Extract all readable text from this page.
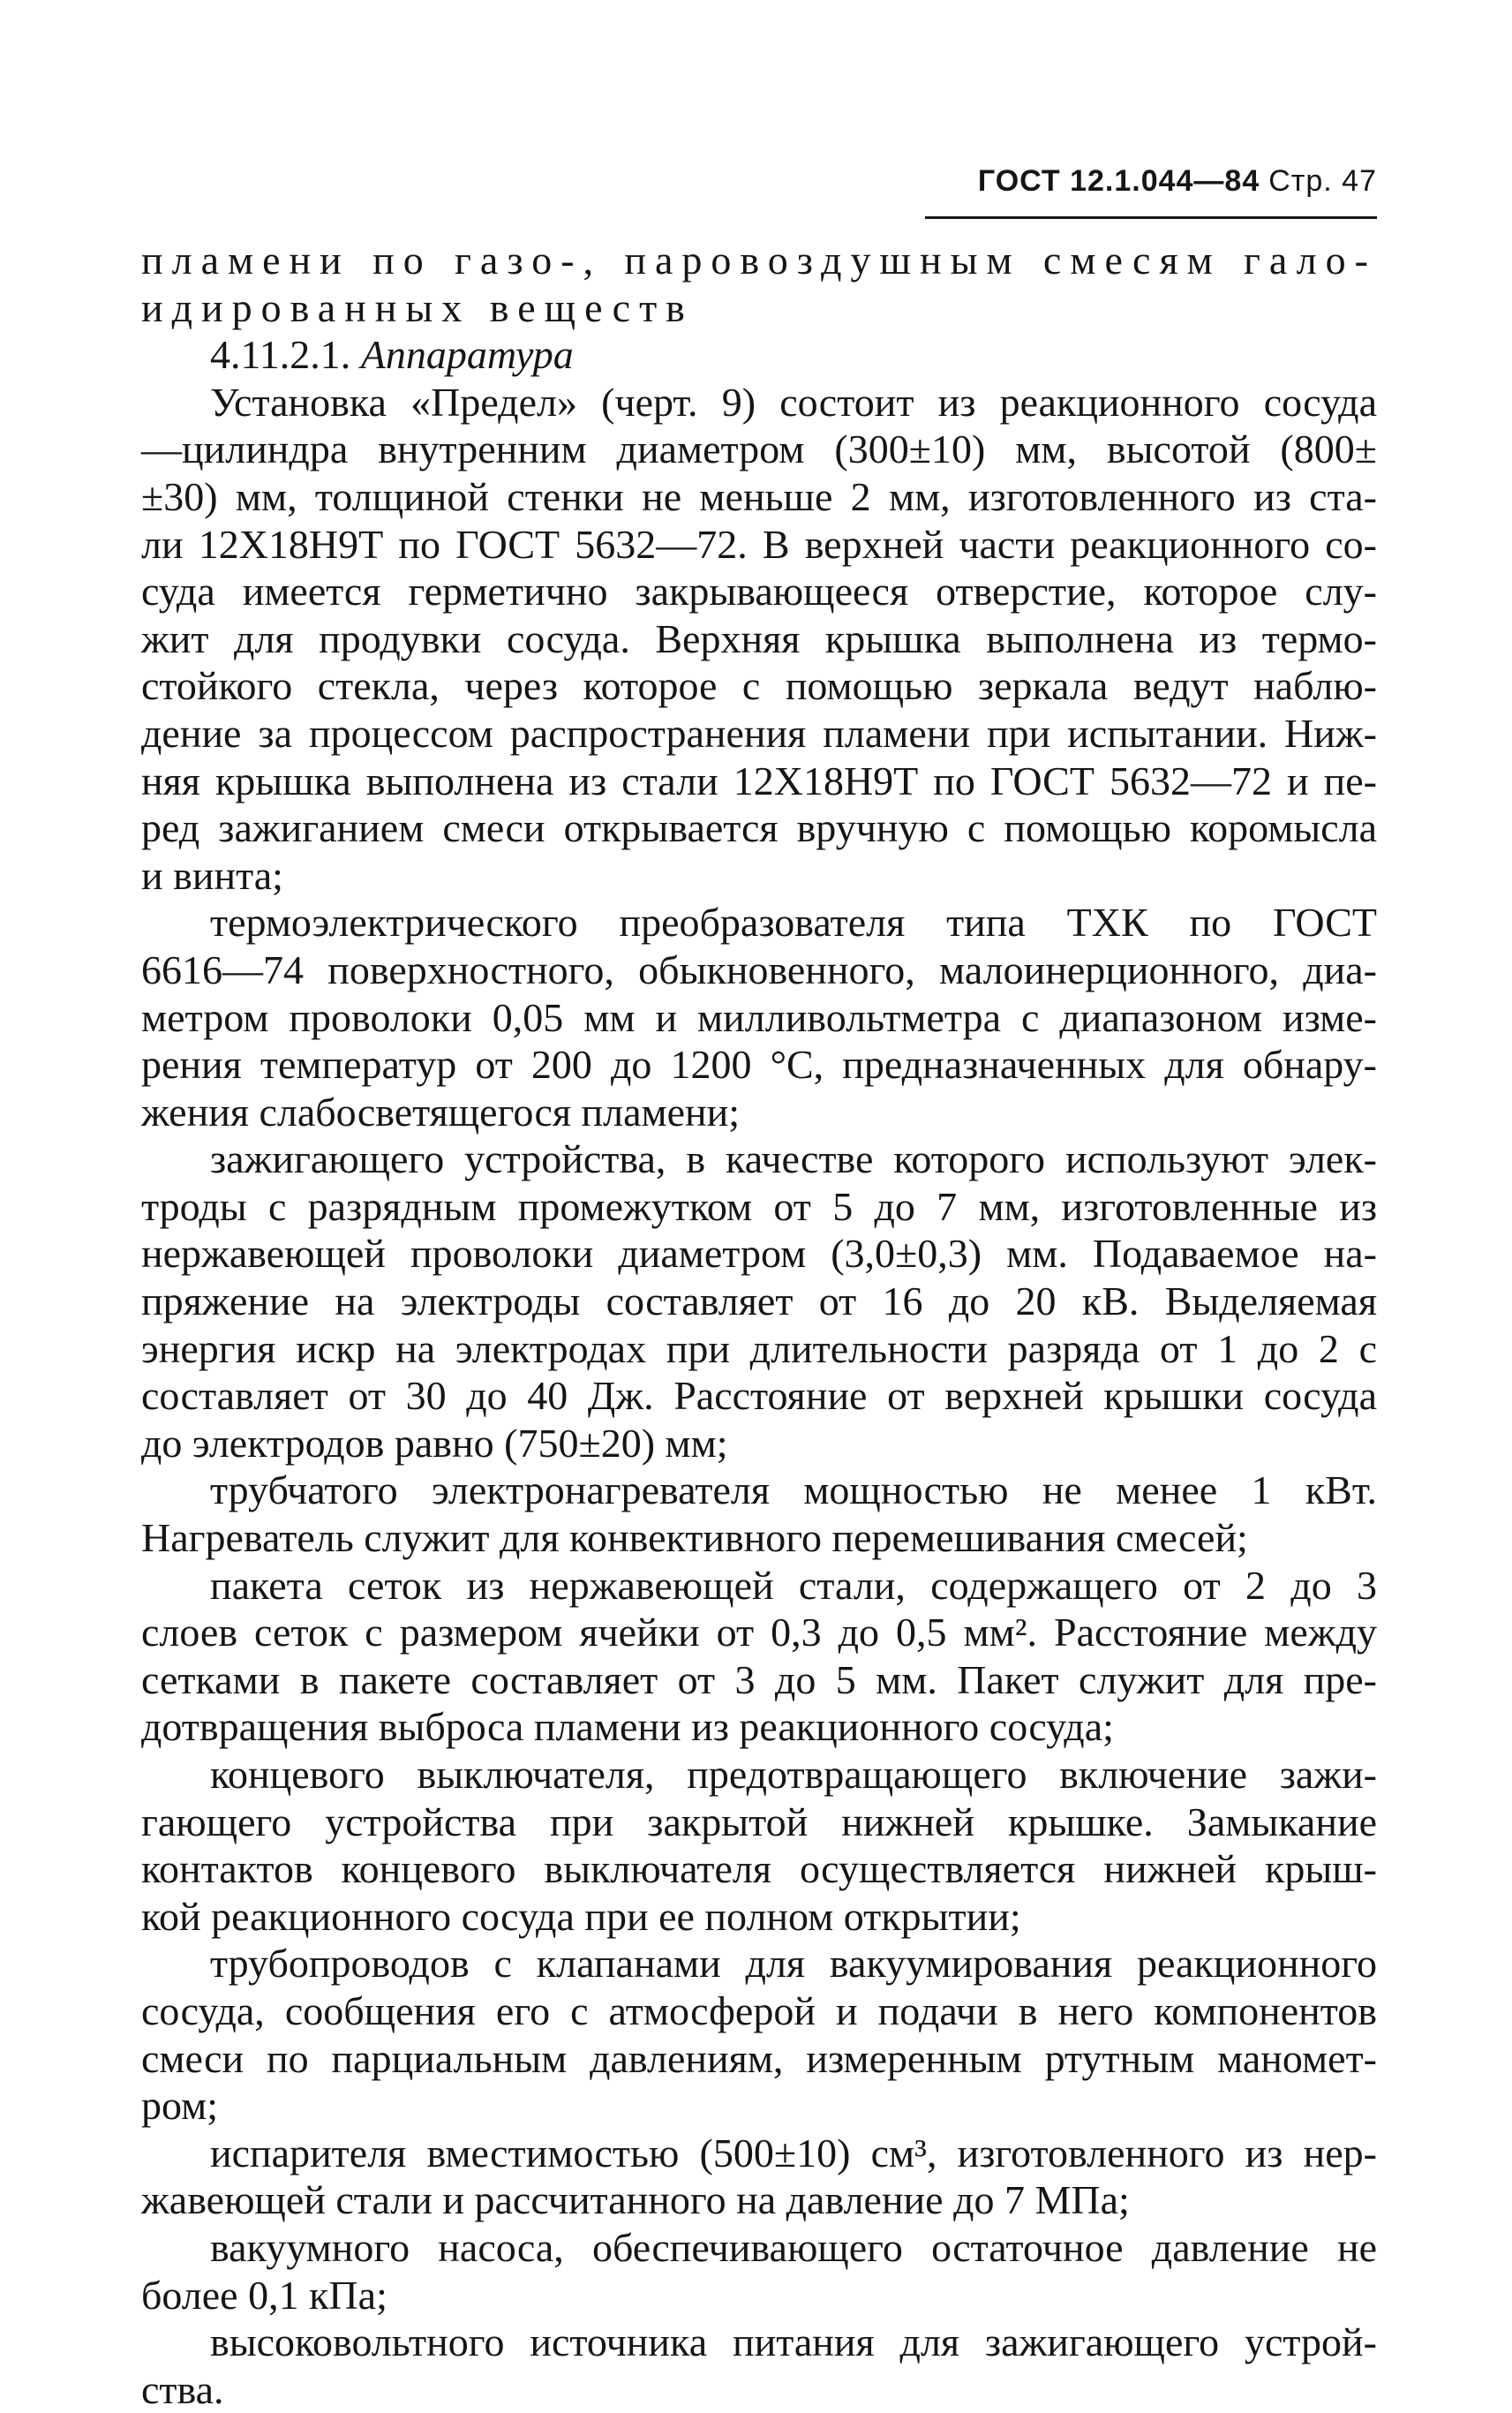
ГОСТ 12.1.044—84 Стр. 47
пламени по газо-, паровоздушным смесям гало-
идированных веществ
4.11.2.1. Аппаратура
Установка «Предел» (черт. 9) состоит из реакционного сосуда
—цилиндра внутренним диаметром (300±10) мм, высотой (800±
±30) мм, толщиной стенки не меньше 2 мм, изготовленного из ста-
ли 12Х18Н9Т по ГОСТ 5632—72. В верхней части реакционного со-
суда имеется герметично закрывающееся отверстие, которое слу-
жит для продувки сосуда. Верхняя крышка выполнена из термо-
стойкого стекла, через которое с помощью зеркала ведут наблю-
дение за процессом распространения пламени при испытании. Ниж-
няя крышка выполнена из стали 12Х18Н9Т по ГОСТ 5632—72 и пе-
ред зажиганием смеси открывается вручную с помощью коромысла
и винта;
термоэлектрического преобразователя типа ТХК по ГОСТ
6616—74 поверхностного, обыкновенного, малоинерционного, диа-
метром проволоки 0,05 мм и милливольтметра с диапазоном изме-
рения температур от 200 до 1200 °С, предназначенных для обнару-
жения слабосветящегося пламени;
зажигающего устройства, в качестве которого используют элек-
троды с разрядным промежутком от 5 до 7 мм, изготовленные из
нержавеющей проволоки диаметром (3,0±0,3) мм. Подаваемое на-
пряжение на электроды составляет от 16 до 20 кВ. Выделяемая
энергия искр на электродах при длительности разряда от 1 до 2 с
составляет от 30 до 40 Дж. Расстояние от верхней крышки сосуда
до электродов равно (750±20) мм;
трубчатого электронагревателя мощностью не менее 1 кВт.
Нагреватель служит для конвективного перемешивания смесей;
пакета сеток из нержавеющей стали, содержащего от 2 до 3
слоев сеток с размером ячейки от 0,3 до 0,5 мм². Расстояние между
сетками в пакете составляет от 3 до 5 мм. Пакет служит для пре-
дотвращения выброса пламени из реакционного сосуда;
концевого выключателя, предотвращающего включение зажи-
гающего устройства при закрытой нижней крышке. Замыкание
контактов концевого выключателя осуществляется нижней крыш-
кой реакционного сосуда при ее полном открытии;
трубопроводов с клапанами для вакуумирования реакционного
сосуда, сообщения его с атмосферой и подачи в него компонентов
смеси по парциальным давлениям, измеренным ртутным маномет-
ром;
испарителя вместимостью (500±10) см³, изготовленного из нер-
жавеющей стали и рассчитанного на давление до 7 МПа;
вакуумного насоса, обеспечивающего остаточное давление не
более 0,1 кПа;
высоковольтного источника питания для зажигающего устрой-
ства.
